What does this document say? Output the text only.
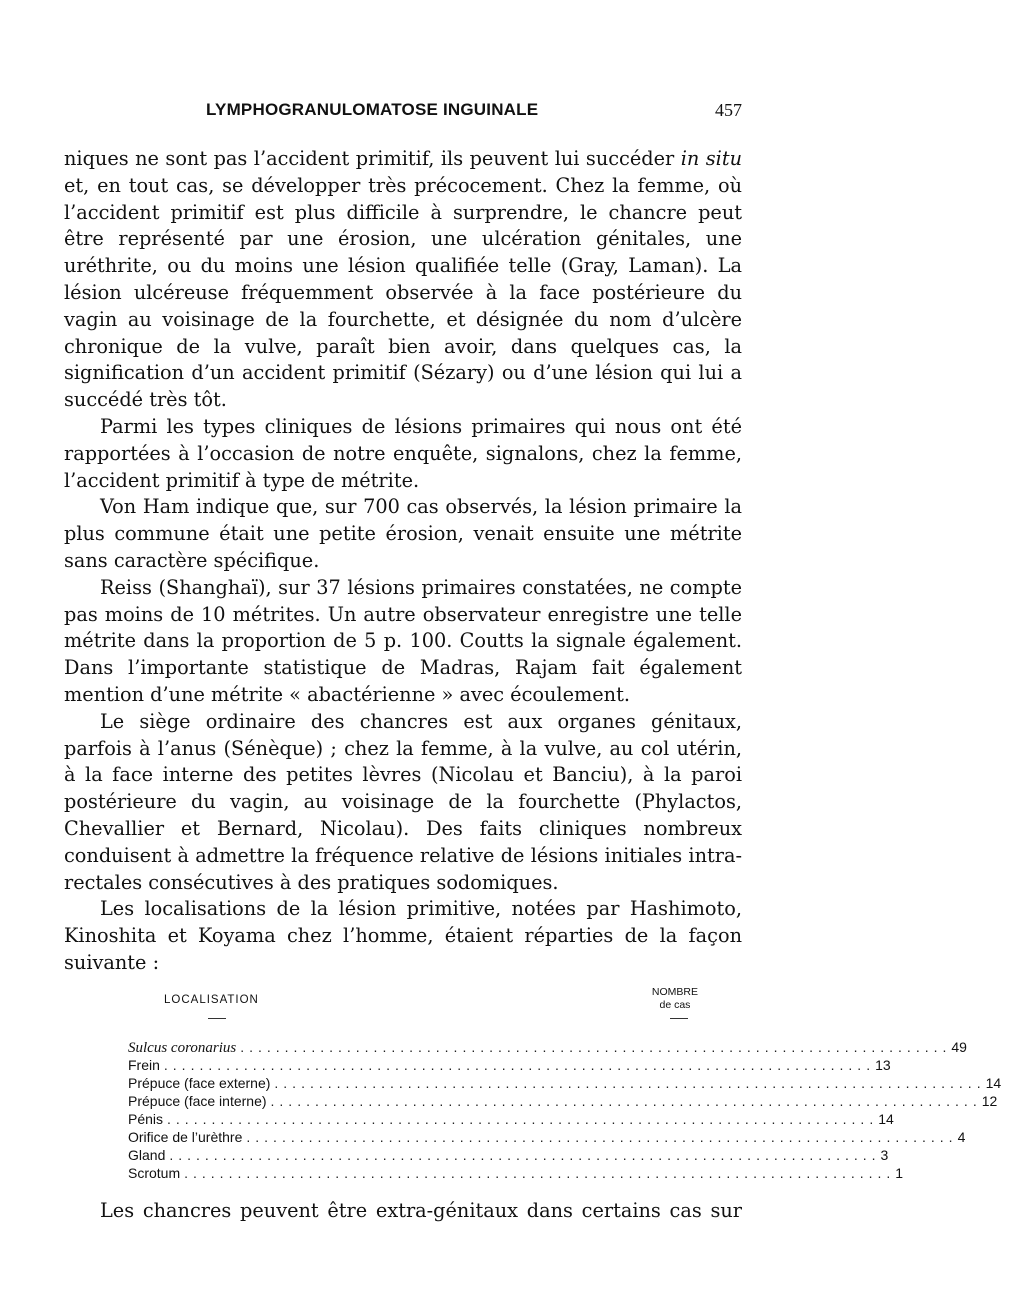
LYMPHOGRANULOMATOSE INGUINALE	457

niques ne sont pas l’accident primitif, ils peuvent lui succéder in situ et, en tout cas, se développer très précocement. Chez la femme, où l’accident primitif est plus difficile à surprendre, le chancre peut être représenté par une érosion, une ulcération génitales, une uréthrite, ou du moins une lésion qualifiée telle (Gray, Laman). La lésion ulcéreuse fréquemment observée à la face postérieure du vagin au voisinage de la fourchette, et désignée du nom d’ulcère chronique de la vulve, paraît bien avoir, dans quelques cas, la signification d’un accident primitif (Sézary) ou d’une lésion qui lui a succédé très tôt.

Parmi les types cliniques de lésions primaires qui nous ont été rapportées à l’occasion de notre enquête, signalons, chez la femme, l’accident primitif à type de métrite.

Von Ham indique que, sur 700 cas observés, la lésion primaire la plus commune était une petite érosion, venait ensuite une métrite sans caractère spécifique.

Reiss (Shanghaï), sur 37 lésions primaires constatées, ne compte pas moins de 10 métrites. Un autre observateur enregistre une telle métrite dans la proportion de 5 p. 100. Coutts la signale également. Dans l’importante statistique de Madras, Rajam fait également mention d’une métrite « abactérienne » avec écoulement.

Le siège ordinaire des chancres est aux organes génitaux, parfois à l’anus (Sénèque) ; chez la femme, à la vulve, au col utérin, à la face interne des petites lèvres (Nicolau et Banciu), à la paroi postérieure du vagin, au voisinage de la fourchette (Phylactos, Chevallier et Bernard, Nicolau). Des faits cliniques nombreux conduisent à admettre la fréquence relative de lésions initiales intra-rectales consécutives à des pratiques sodomiques.

Les localisations de la lésion primitive, notées par Hashimoto, Kinoshita et Koyama chez l’homme, étaient réparties de la façon suivante :

LOCALISATION
NOMBRE
de cas
Sulcus coronarius ................................................................................ 49
Frein ................................................................................ 13
Prépuce (face externe) ................................................................................ 14
Prépuce (face interne) ................................................................................ 12
Pénis ................................................................................ 14
Orifice de l’urèthre ................................................................................ 4
Gland ................................................................................ 3
Scrotum ................................................................................ 1
Les chancres peuvent être extra-génitaux dans certains cas sur
